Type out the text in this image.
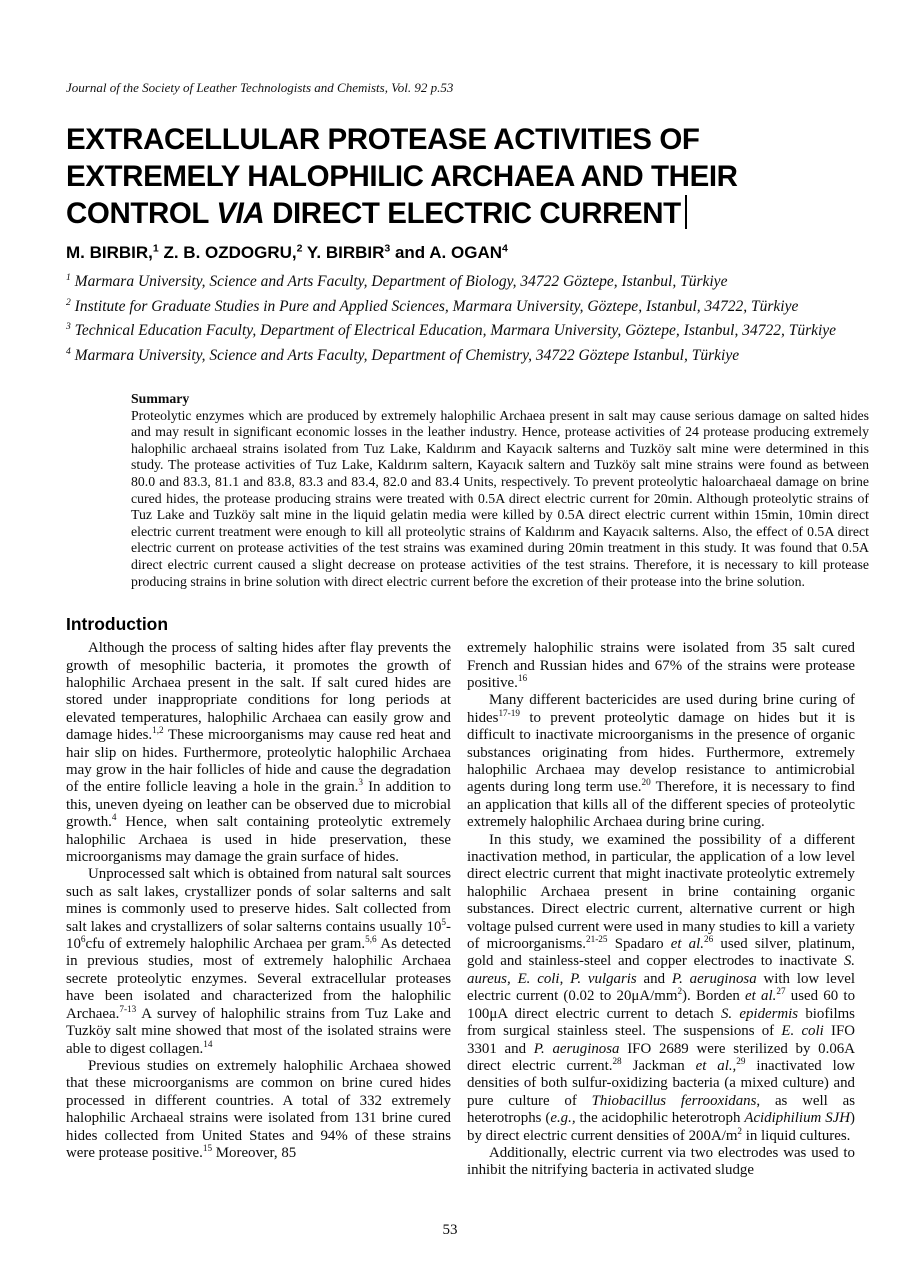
Journal of the Society of Leather Technologists and Chemists, Vol. 92 p.53
EXTRACELLULAR PROTEASE ACTIVITIES OF
EXTREMELY HALOPHILIC ARCHAEA AND THEIR
CONTROL VIA DIRECT ELECTRIC CURRENT
M. BIRBIR,$^1$ Z. B. OZDOGRU,$^2$ Y. BIRBIR$^3$ and A. OGAN$^4$

$^1$ Marmara University, Science and Arts Faculty, Department of Biology, 34722 Göztepe, Istanbul, Türkiye

$^2$ Institute for Graduate Studies in Pure and Applied Sciences, Marmara University, Göztepe, Istanbul, 34722, Türkiye

$^3$ Technical Education Faculty, Department of Electrical Education, Marmara University, Göztepe, Istanbul, 34722, Türkiye

$^4$ Marmara University, Science and Arts Faculty, Department of Chemistry, 34722 Göztepe Istanbul, Türkiye

Summary

Proteolytic enzymes which are produced by extremely halophilic Archaea present in salt may cause serious damage on salted hides and may result in significant economic losses in the leather industry. Hence, protease activities of 24 protease producing extremely halophilic archaeal strains isolated from Tuz Lake, Kaldırım and Kayacık salterns and Tuzköy salt mine were determined in this study. The protease activities of Tuz Lake, Kaldırım saltern, Kayacık saltern and Tuzköy salt mine strains were found as between 80.0 and 83.3, 81.1 and 83.8, 83.3 and 83.4, 82.0 and 83.4 Units, respectively. To prevent proteolytic haloarchaeal damage on brine cured hides, the protease producing strains were treated with 0.5A direct electric current for 20min. Although proteolytic strains of Tuz Lake and Tuzköy salt mine in the liquid gelatin media were killed by 0.5A direct electric current within 15min, 10min direct electric current treatment were enough to kill all proteolytic strains of Kaldırım and Kayacık salterns. Also, the effect of 0.5A direct electric current on protease activities of the test strains was examined during 20min treatment in this study. It was found that 0.5A direct electric current caused a slight decrease on protease activities of the test strains. Therefore, it is necessary to kill protease producing strains in brine solution with direct electric current before the excretion of their protease into the brine solution.

Introduction

Although the process of salting hides after flay prevents the growth of mesophilic bacteria, it promotes the growth of halophilic Archaea present in the salt. If salt cured hides are stored under inappropriate conditions for long periods at elevated temperatures, halophilic Archaea can easily grow and damage hides.$^{1,2}$ These microorganisms may cause red heat and hair slip on hides. Furthermore, proteolytic halophilic Archaea may grow in the hair follicles of hide and cause the degradation of the entire follicle leaving a hole in the grain.$^3$ In addition to this, uneven dyeing on leather can be observed due to microbial growth.$^4$ Hence, when salt containing proteolytic extremely halophilic Archaea is used in hide preservation, these microorganisms may damage the grain surface of hides.

Unprocessed salt which is obtained from natural salt sources such as salt lakes, crystallizer ponds of solar salterns and salt mines is commonly used to preserve hides. Salt collected from salt lakes and crystallizers of solar salterns contains usually $10^5-10^6cfu$ of extremely halophilic Archaea per gram.$^{5,6}$ As detected in previous studies, most of extremely halophilic Archaea secrete proteolytic enzymes. Several extracellular proteases have been isolated and characterized from the halophilic Archaea.$^{7-13}$ A survey of halophilic strains from Tuz Lake and Tuzköy salt mine showed that most of the isolated strains were able to digest collagen.$^{14}$

Previous studies on extremely halophilic Archaea showed that these microorganisms are common on brine cured hides processed in different countries. A total of 332 extremely halophilic Archaeal strains were isolated from 131 brine cured hides collected from United States and 94% of these strains were protease positive.$^{15}$ Moreover, 85

extremely halophilic strains were isolated from 35 salt cured French and Russian hides and 67% of the strains were protease positive.$^{16}$

Many different bactericides are used during brine curing of hides$^{17-19}$ to prevent proteolytic damage on hides but it is difficult to inactivate microorganisms in the presence of organic substances originating from hides. Furthermore, extremely halophilic Archaea may develop resistance to antimicrobial agents during long term use.$^{20}$ Therefore, it is necessary to find an application that kills all of the different species of proteolytic extremely halophilic Archaea during brine curing.

In this study, we examined the possibility of a different inactivation method, in particular, the application of a low level direct electric current that might inactivate proteolytic extremely halophilic Archaea present in brine containing organic substances. Direct electric current, alternative current or high voltage pulsed current were used in many studies to kill a variety of microorganisms.$^{21-25}$ Spadaro et al.$^{26}$ used silver, platinum, gold and stainless-steel and copper electrodes to inactivate S. aureus, E. coli, P. vulgaris and P. aeruginosa with low level electric current (0.02 to $20\mu A/mm^2$). Borden et al.$^{27}$ used 60 to 100μA direct electric current to detach S. epidermis biofilms from surgical stainless steel. The suspensions of E. coli IFO 3301 and P. aeruginosa IFO 2689 were sterilized by 0.06A direct electric current.$^{28}$ Jackman et al.,$^{29}$ inactivated low densities of both sulfur-oxidizing bacteria (a mixed culture) and pure culture of Thiobacillus ferrooxidans, as well as heterotrophs (e.g., the acidophilic heterotroph Acidiphilium SJH) by direct electric current densities of $200A/m^2$ in liquid cultures.

Additionally, electric current via two electrodes was used to inhibit the nitrifying bacteria in activated sludge

53
